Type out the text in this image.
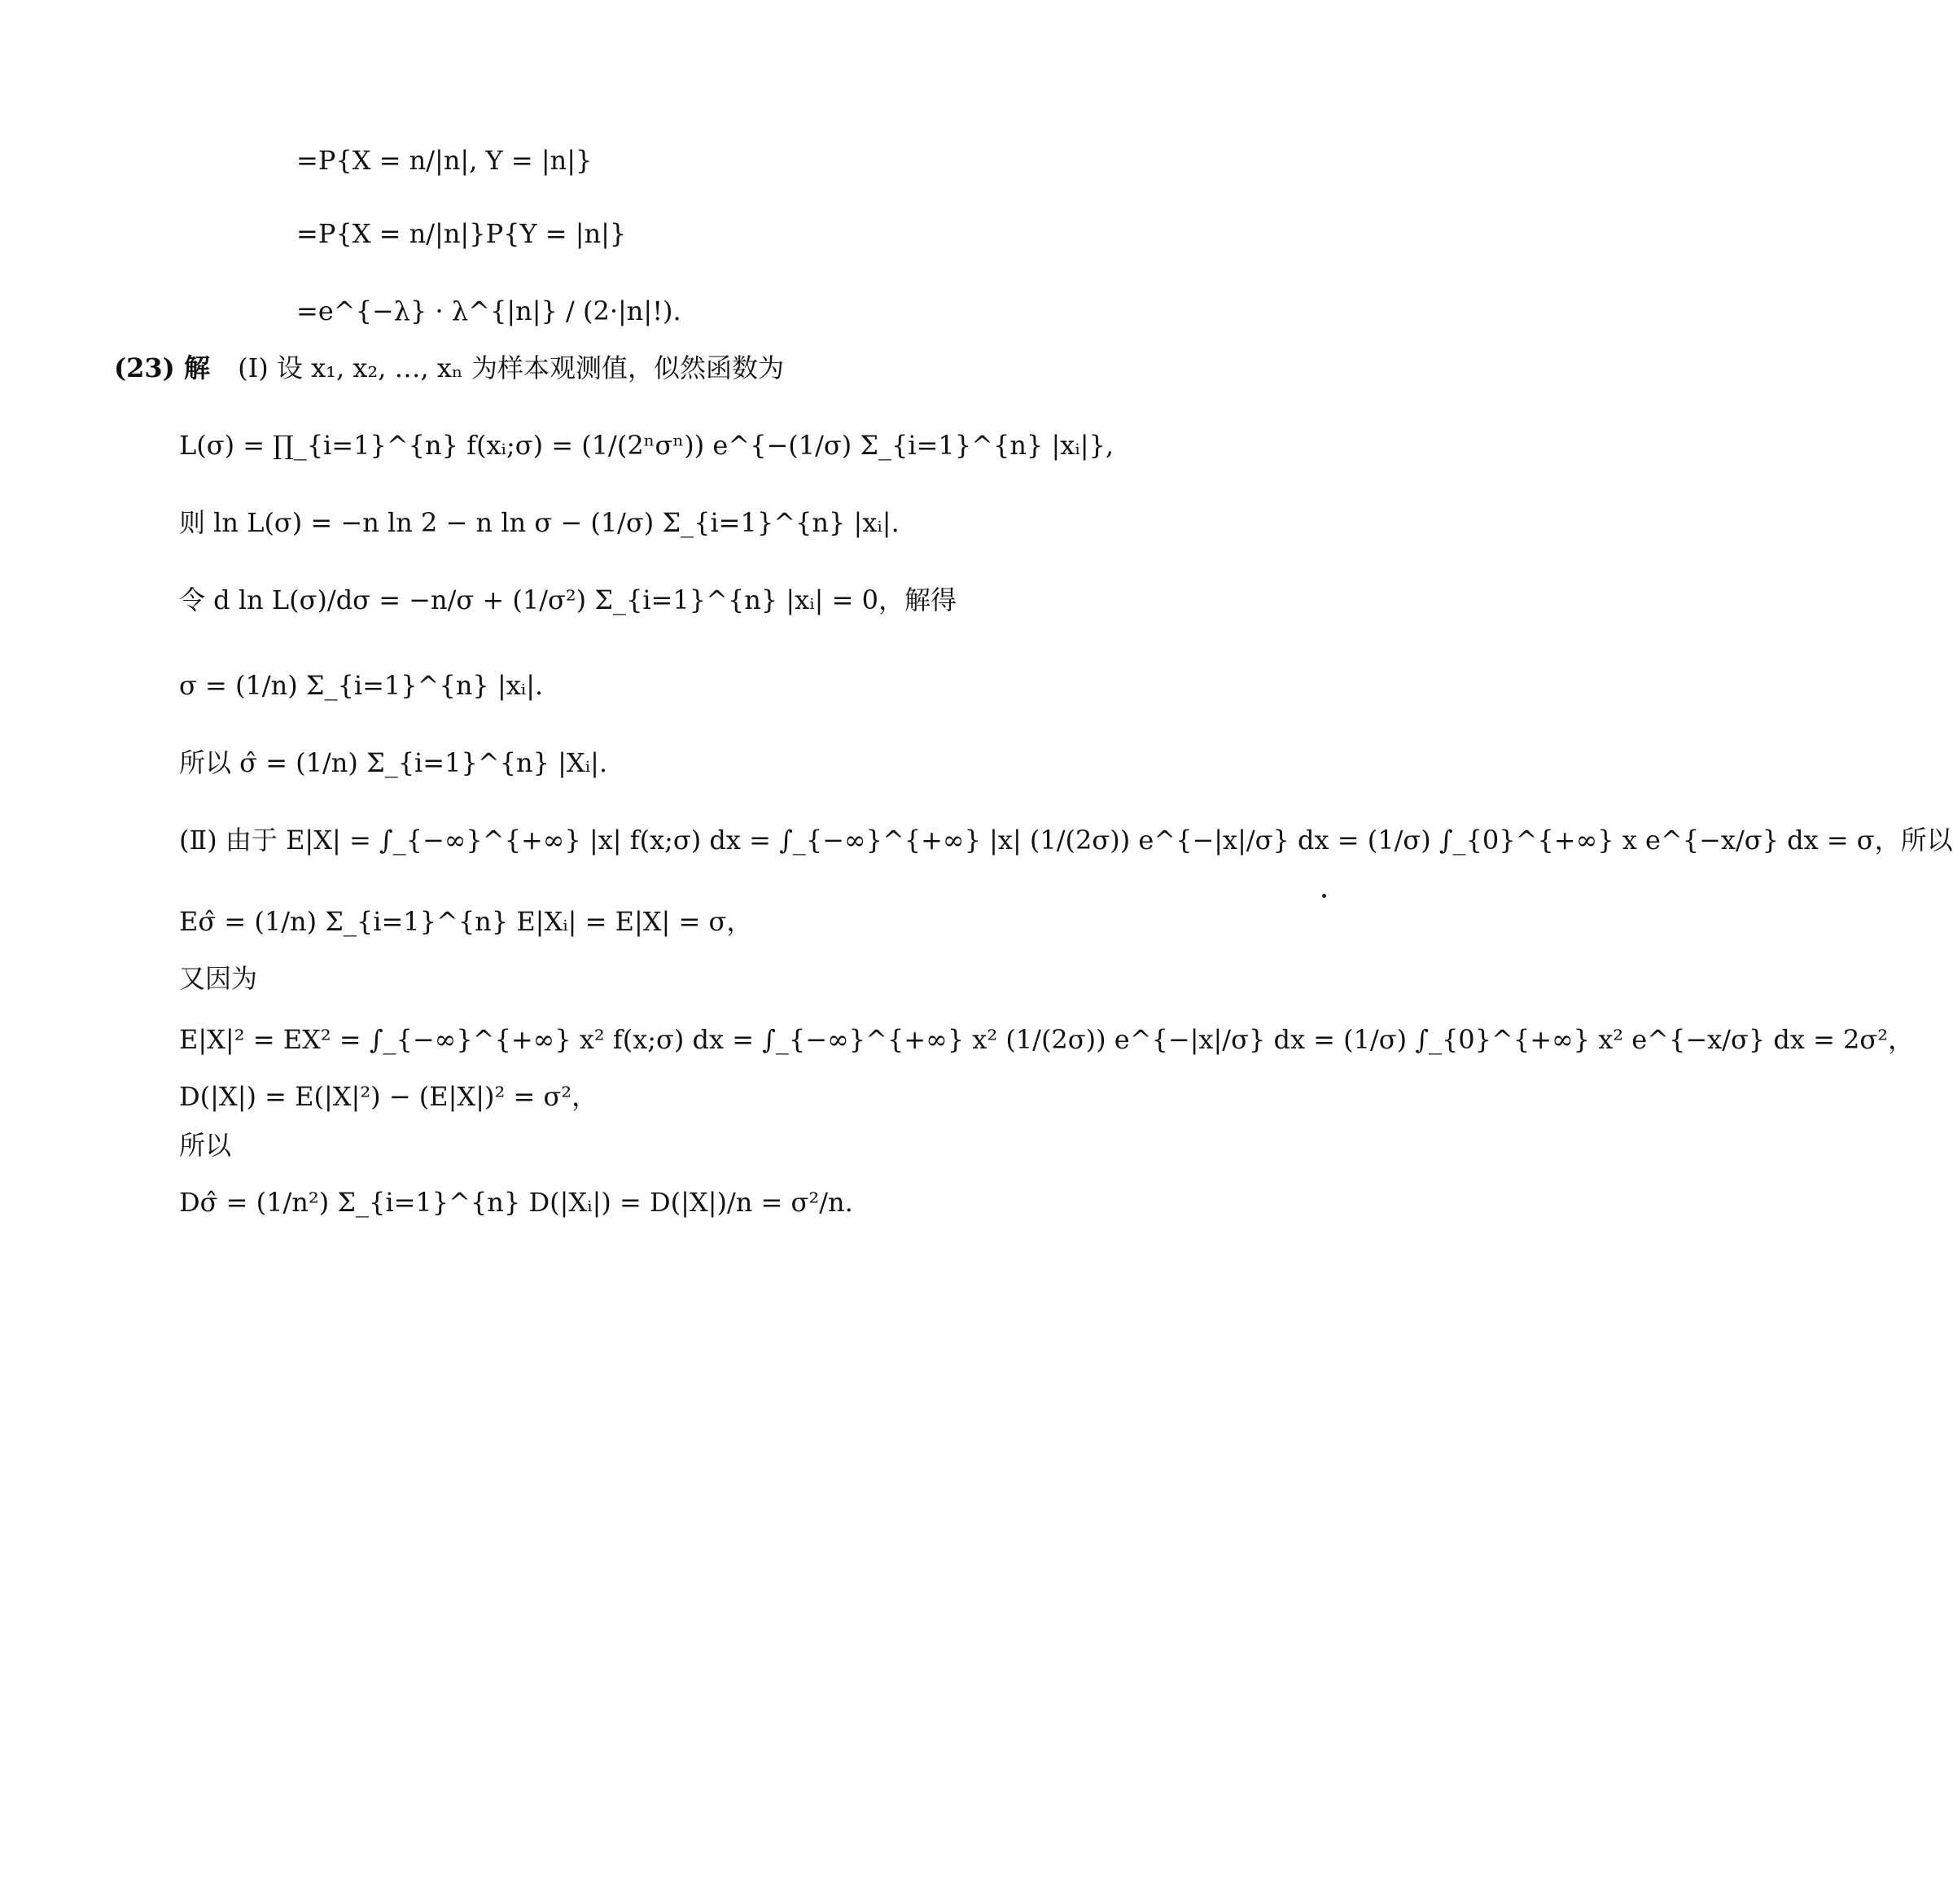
=P{X = n/|n|, Y = |n|}
=P{X = n/|n|}P{Y = |n|}
=e^{−λ} · λ^{|n|} / (2·|n|!).
(23) 解 (Ⅰ) 设 x₁, x₂, …, xₙ 为样本观测值，似然函数为
L(σ) = ∏_{i=1}^{n} f(xᵢ;σ) = (1/(2ⁿσⁿ)) e^{−(1/σ) Σ_{i=1}^{n} |xᵢ|},
则 ln L(σ) = −n ln 2 − n ln σ − (1/σ) Σ_{i=1}^{n} |xᵢ|.
令 d ln L(σ)/dσ = −n/σ + (1/σ²) Σ_{i=1}^{n} |xᵢ| = 0，解得
σ = (1/n) Σ_{i=1}^{n} |xᵢ|.
所以 σ̂ = (1/n) Σ_{i=1}^{n} |Xᵢ|.
(Ⅱ) 由于 E|X| = ∫_{−∞}^{+∞} |x| f(x;σ) dx = ∫_{−∞}^{+∞} |x| (1/(2σ)) e^{−|x|/σ} dx = (1/σ) ∫_{0}^{+∞} x e^{−x/σ} dx = σ，所以
Eσ̂ = (1/n) Σ_{i=1}^{n} E|Xᵢ| = E|X| = σ，
又因为
E|X|² = EX² = ∫_{−∞}^{+∞} x² f(x;σ) dx = ∫_{−∞}^{+∞} x² (1/(2σ)) e^{−|x|/σ} dx = (1/σ) ∫_{0}^{+∞} x² e^{−x/σ} dx = 2σ²，
D(|X|) = E(|X|²) − (E|X|)² = σ²，
所以
Dσ̂ = (1/n²) Σ_{i=1}^{n} D(|Xᵢ|) = D(|X|)/n = σ²/n.
